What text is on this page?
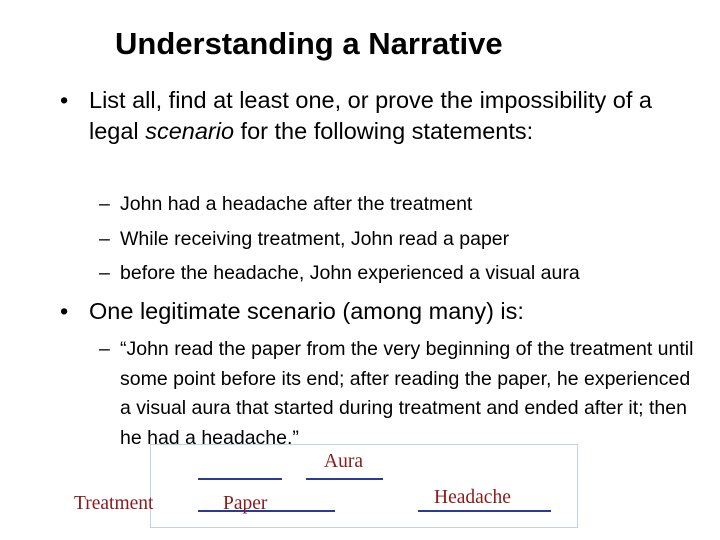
Understanding a Narrative
• List all, find at least one, or prove the impossibility of a legal scenario for the following statements:
– John had a headache after the treatment
– While receiving treatment, John read a paper
– before the headache, John experienced a visual aura
• One legitimate scenario (among many) is:
– “John read the paper from the very beginning of the treatment until some point before its end; after reading the paper, he experienced a visual aura that started during treatment and ended after it; then he had a headache.”
Aura
Treatment	Paper	Headache
